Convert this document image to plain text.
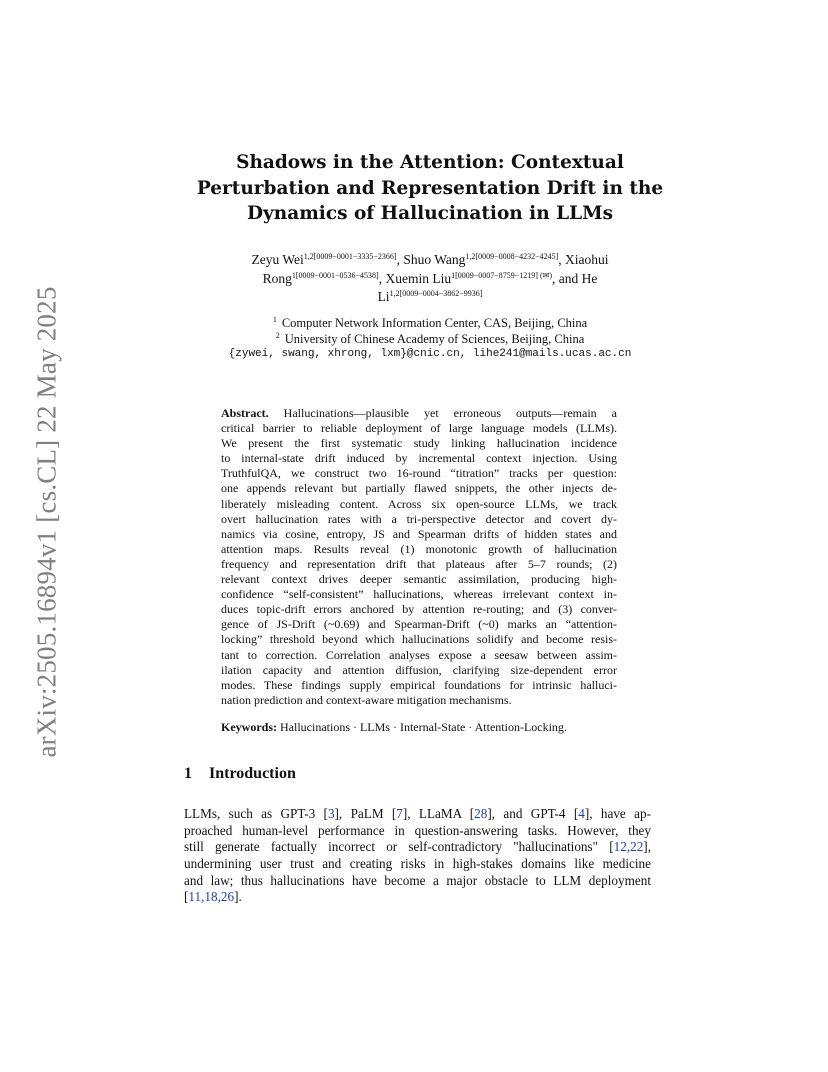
arXiv:2505.16894v1 [cs.CL] 22 May 2025
Shadows in the Attention: Contextual
Perturbation and Representation Drift in the
Dynamics of Hallucination in LLMs
Zeyu Wei$^{1,2[0009-0001-3335-2366]}$, Shuo Wang$^{1,2[0009-0008-4232-4245]}$, Xiaohui
Rong$^{1[0009-0001-0536-4538]}$, Xuemin Liu$^{1[0009-0007-8759-1219] (✉)}$, and He
$Li^{1,2[0009-0004-3862-9936]}$
$^1$ Computer Network Information Center, CAS, Beijing, China
$^2$ University of Chinese Academy of Sciences, Beijing, China
{zywei, swang, xhrong, lxm}@cnic.cn, lihe241@mails.ucas.ac.cn
Abstract. Hallucinations—plausible yet erroneous outputs—remain a
critical barrier to reliable deployment of large language models (LLMs).
We present the first systematic study linking hallucination incidence
to internal-state drift induced by incremental context injection. Using
TruthfulQA, we construct two 16-round “titration” tracks per question:
one appends relevant but partially flawed snippets, the other injects de-
liberately misleading content. Across six open-source LLMs, we track
overt hallucination rates with a tri-perspective detector and covert dy-
namics via cosine, entropy, JS and Spearman drifts of hidden states and
attention maps. Results reveal (1) monotonic growth of hallucination
frequency and representation drift that plateaus after 5–7 rounds; (2)
relevant context drives deeper semantic assimilation, producing high-
confidence “self-consistent” hallucinations, whereas irrelevant context in-
duces topic-drift errors anchored by attention re-routing; and (3) conver-
gence of JS-Drift (~0.69) and Spearman-Drift (~0) marks an “attention-
locking” threshold beyond which hallucinations solidify and become resis-
tant to correction. Correlation analyses expose a seesaw between assim-
ilation capacity and attention diffusion, clarifying size-dependent error
modes. These findings supply empirical foundations for intrinsic halluci-
nation prediction and context-aware mitigation mechanisms.
Keywords: Hallucinations · LLMs · Internal-State · Attention-Locking.
1 Introduction
LLMs, such as GPT-3 [3], PaLM [7], LLaMA [28], and GPT-4 [4], have ap-
proached human-level performance in question-answering tasks. However, they
still generate factually incorrect or self-contradictory "hallucinations" [12,22],
undermining user trust and creating risks in high-stakes domains like medicine
and law; thus hallucinations have become a major obstacle to LLM deployment
[11,18,26].
